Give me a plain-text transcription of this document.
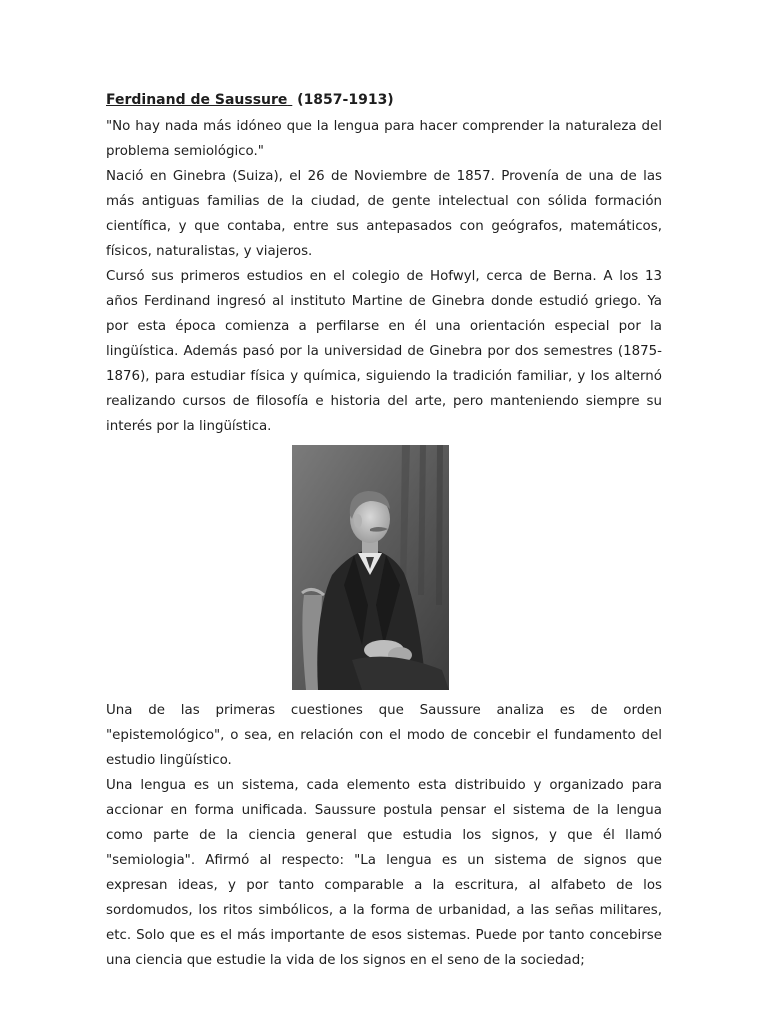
Ferdinand de Saussure (1857-1913)

"No hay nada más idóneo que la lengua para hacer comprender la naturaleza del problema semiológico."

Nació en Ginebra (Suiza), el 26 de Noviembre de 1857. Provenía de una de las más antiguas familias de la ciudad, de gente intelectual con sólida formación científica, y que contaba, entre sus antepasados con geógrafos, matemáticos, físicos, naturalistas, y viajeros.

Cursó sus primeros estudios en el colegio de Hofwyl, cerca de Berna. A los 13 años Ferdinand ingresó al instituto Martine de Ginebra donde estudió griego. Ya por esta época comienza a perfilarse en él una orientación especial por la lingüística. Además pasó por la universidad de Ginebra por dos semestres (1875-1876), para estudiar física y química, siguiendo la tradición familiar, y los alternó realizando cursos de filosofía e historia del arte, pero manteniendo siempre su interés por la lingüística.

Una de las primeras cuestiones que Saussure analiza es de orden "epistemológico", o sea, en relación con el modo de concebir el fundamento del estudio lingüístico.

Una lengua es un sistema, cada elemento esta distribuido y organizado para accionar en forma unificada. Saussure postula pensar el sistema de la lengua como parte de la ciencia general que estudia los signos, y que él llamó "semiologia". Afirmó al respecto: "La lengua es un sistema de signos que expresan ideas, y por tanto comparable a la escritura, al alfabeto de los sordomudos, los ritos simbólicos, a la forma de urbanidad, a las señas militares, etc. Solo que es el más importante de esos sistemas. Puede por tanto concebirse una ciencia que estudie la vida de los signos en el seno de la sociedad;
